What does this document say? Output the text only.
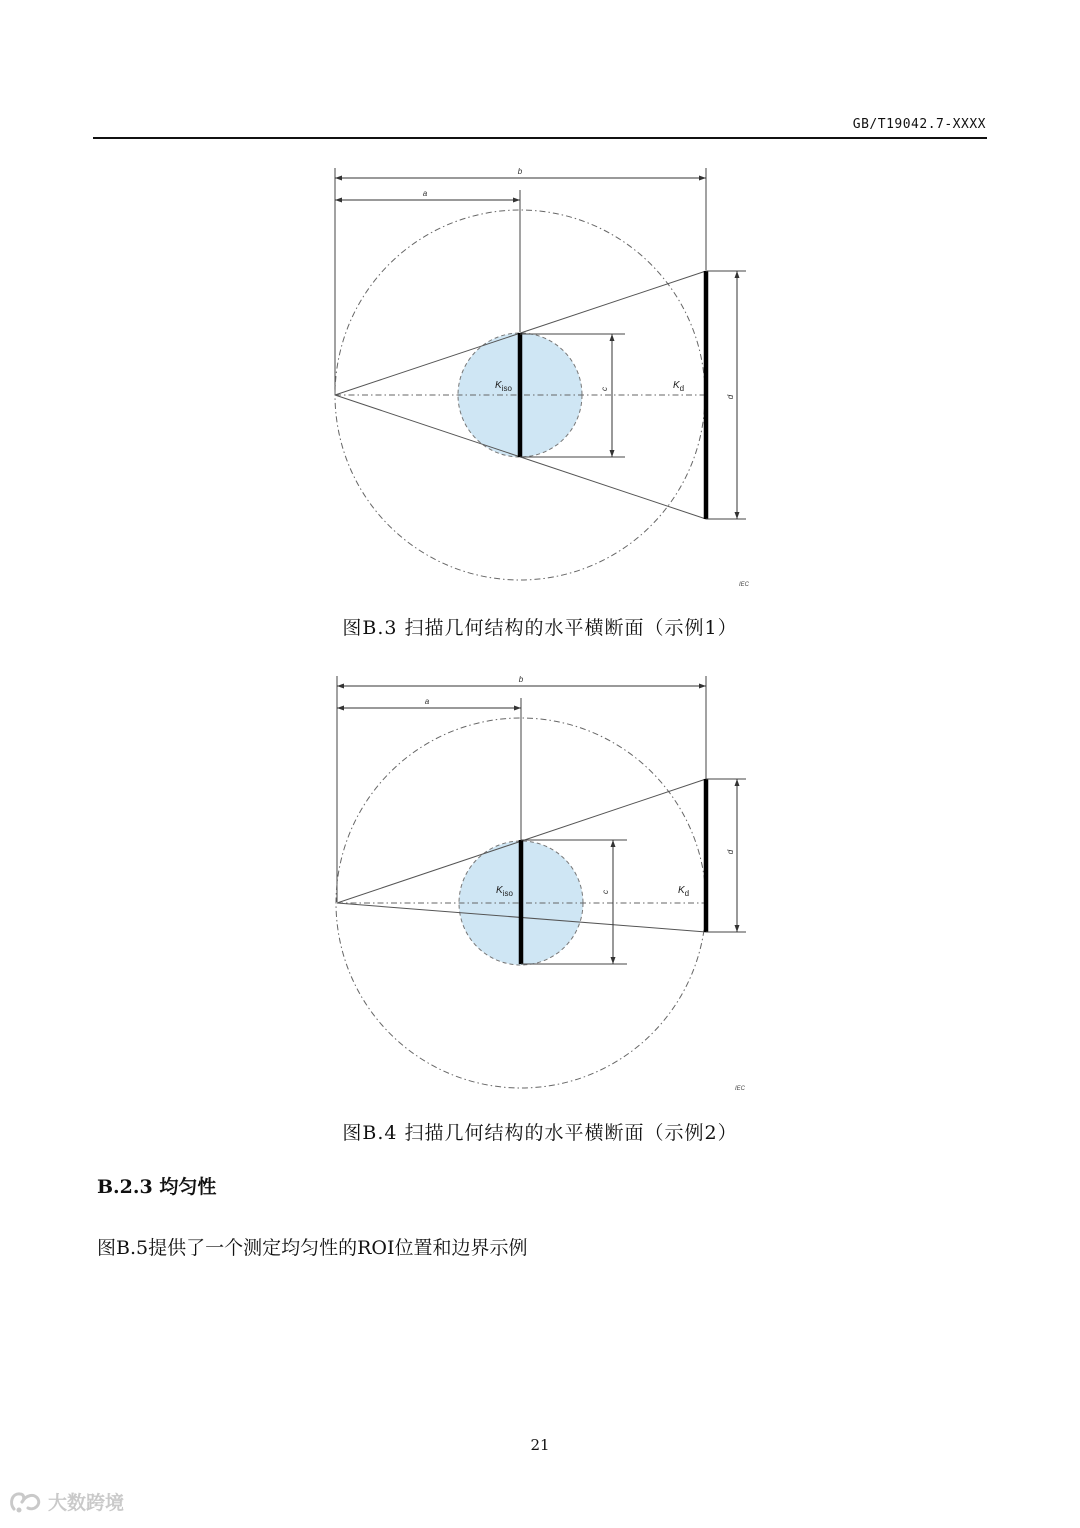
GB/T19042.7-XXXX
b
a
c
d
$K_{iso}$	$K_d$
IEC
图B.3 扫描几何结构的水平横断面（示例1）
b
a
c
d
$K_{iso}$	$K_d$
IEC
图B.4 扫描几何结构的水平横断面（示例2）
B.2.3 均匀性
图B.5提供了一个测定均匀性的ROI位置和边界示例
21
大数跨境
